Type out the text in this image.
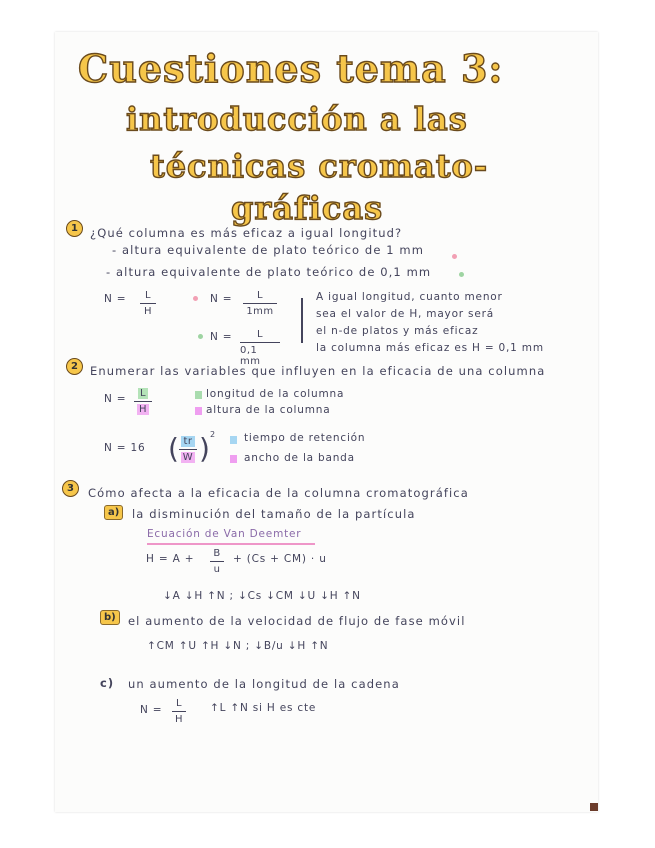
Cuestiones tema 3:
introducción a las
técnicas cromato-
gráficas
1	¿Qué columna es más eficaz a igual longitud?

- altura equivalente de plato teórico de 1 mm

- altura equivalente de plato teórico de 0,1 mm

N = L
H

N = L
1mm

N = L
0,1 mm

A igual longitud, cuanto menor

sea el valor de H, mayor será

el n-de platos y más eficaz

la columna más eficaz es H = 0,1 mm

2	Enumerar las variables que influyen en la eficacia de una columna

N = L
H

longitud de la columna

altura de la columna

N = 16 ( tr
W ) 2	tiempo de retención

ancho de la banda

3	Cómo afecta a la eficacia de la columna cromatográfica

a)	la disminución del tamaño de la partícula

Ecuación de Van Deemter

H = A + B
u

+ (Cs + CM) · u

↓A ↓H ↑N ; ↓Cs ↓CM ↓U ↓H ↑N

b)	el aumento de la velocidad de flujo de fase móvil

↑CM ↑U ↑H ↓N ; ↓B/u ↓H ↑N

c) un aumento de la longitud de la cadena

N =

L
H

↑L ↑N si H es cte
